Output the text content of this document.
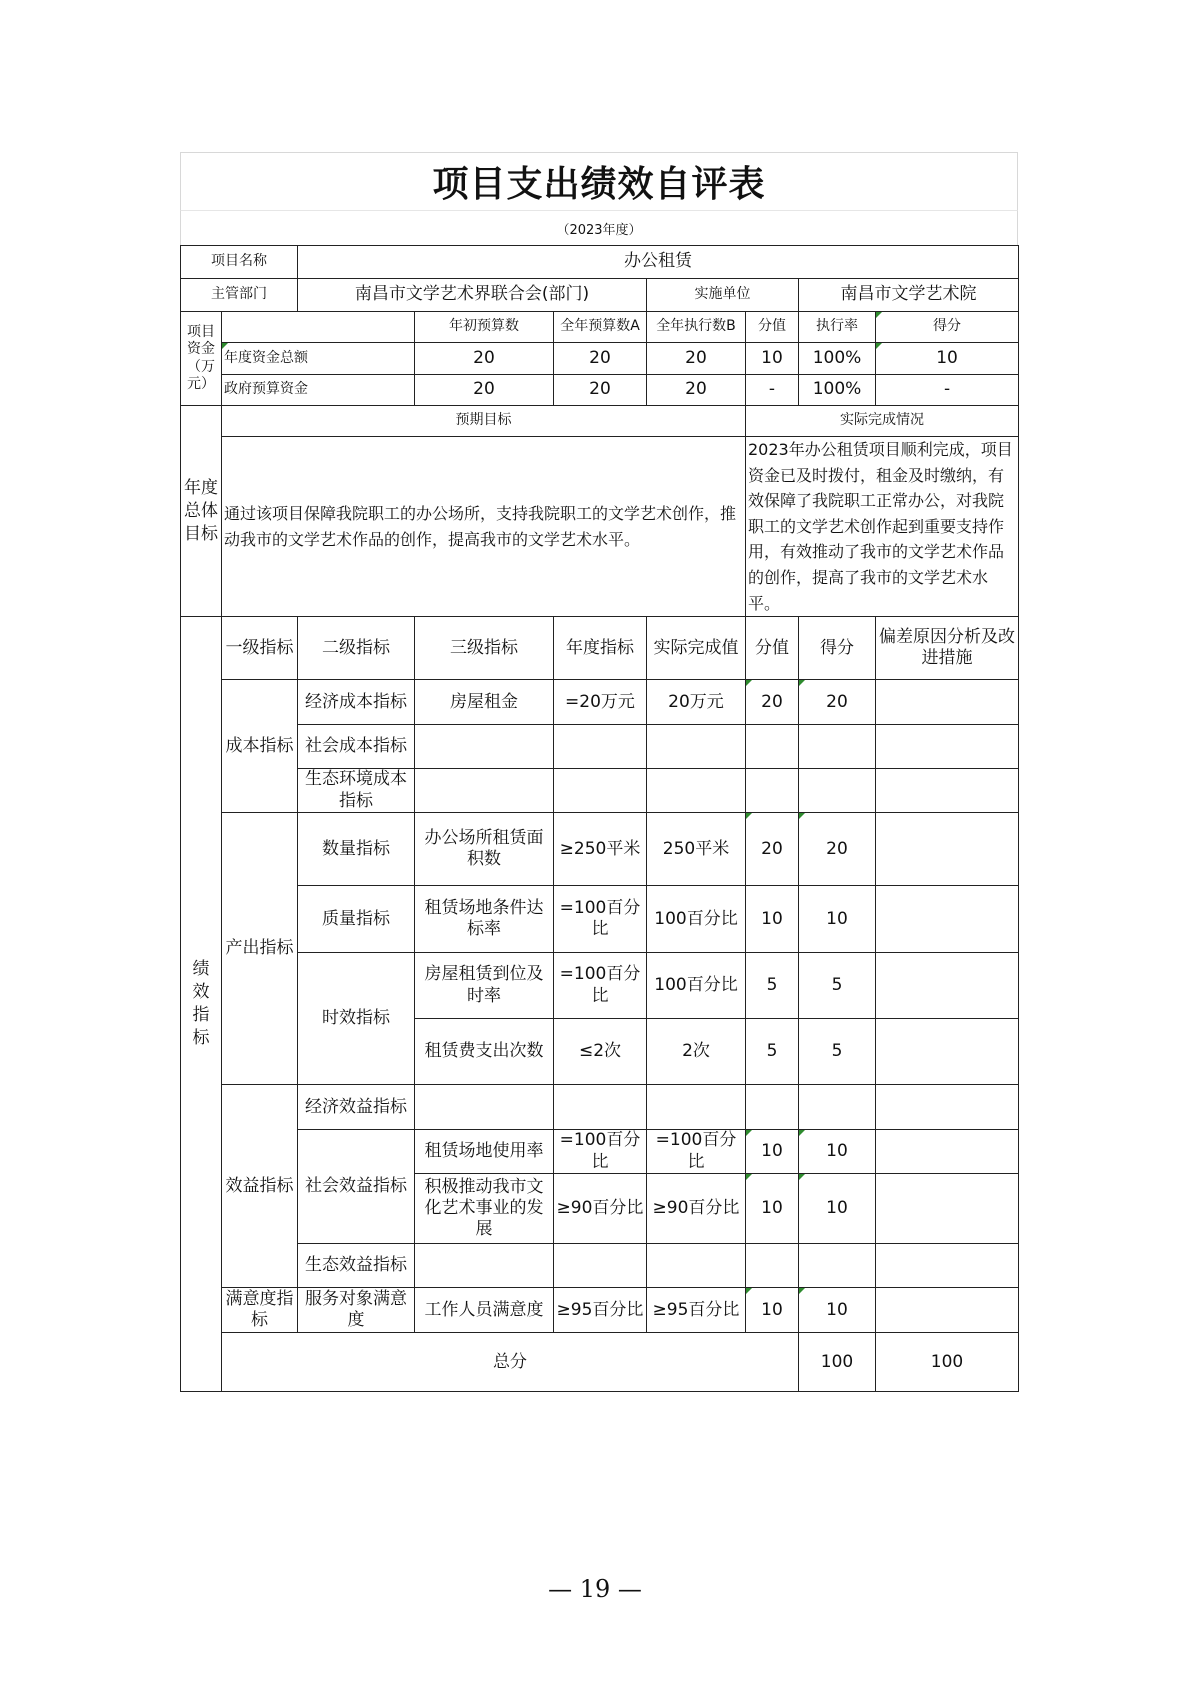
项目支出绩效自评表
（2023年度）
项目名称		办公租赁							
主管部门		南昌市文学艺术界联合会(部门)			实施单位		南昌市文学艺术院		
项目资金（万元）			年初预算数	全年预算数A	全年执行数B	分值	执行率	得分	
	年度资金总额		20	20	20	10	100%	10	
	政府预算资金		20	20	20	-	100%	-	
年度总体目标	预期目标					实际完成情况			
	通过该项目保障我院职工的办公场所，支持我院职工的文学艺术创作，推动我市的文学艺术作品的创作，提高我市的文学艺术水平。					2023年办公租赁项目顺利完成，项目资金已及时拨付，租金及时缴纳，有效保障了我院职工正常办公，对我院职工的文学艺术创作起到重要支持作用，有效推动了我市的文学艺术作品的创作，提高了我市的文学艺术水平。			
绩效指标	一级指标	二级指标	三级指标	年度指标	实际完成值	分值	得分	偏差原因分析及改进措施	
	成本指标	经济成本指标	房屋租金	=20万元	20万元	20	20		
		社会成本指标							
		生态环境成本指标							
	产出指标	数量指标	办公场所租赁面积数	≥250平米	250平米	20	20		
		质量指标	租赁场地条件达标率	=100百分比	100百分比	10	10		
		时效指标	房屋租赁到位及时率	=100百分比	100百分比	5	5		
			租赁费支出次数	≤2次	2次	5	5		
	效益指标	经济效益指标							
		社会效益指标	租赁场地使用率	=100百分比	=100百分比	10	10		
			积极推动我市文化艺术事业的发展	≥90百分比	≥90百分比	10	10		
		生态效益指标							
	满意度指标	服务对象满意度	工作人员满意度	≥95百分比	≥95百分比	10	10		
	总分						100	100	
— 19 —
